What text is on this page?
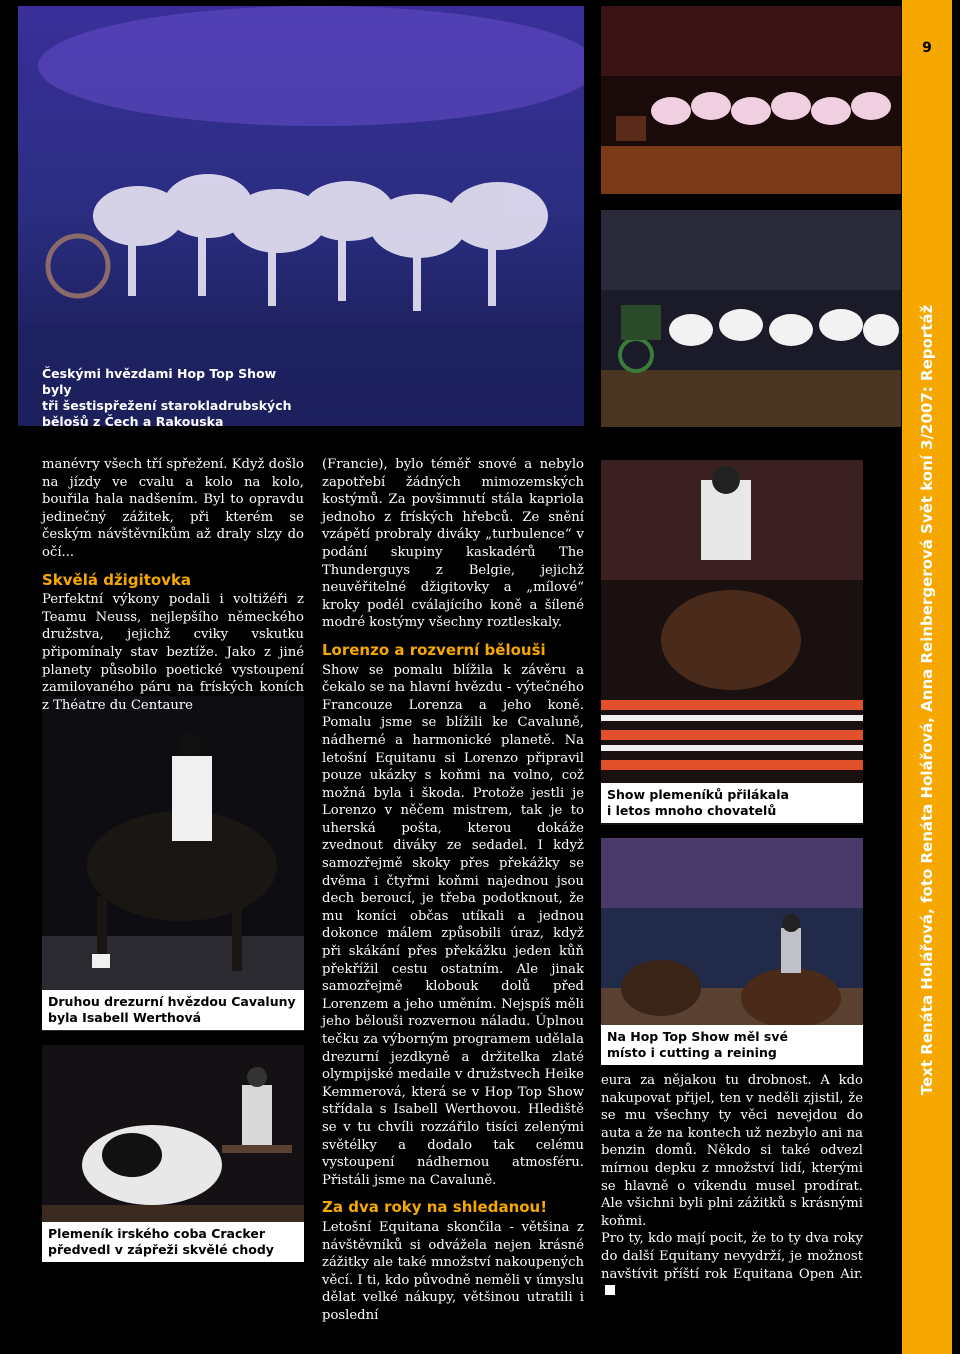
Českými hvězdami Hop Top Show byly
tři šestispřežení starokladrubských
bělošů z Čech a Rakouska
Show plemeníků přilákala
i letos mnoho chovatelů
Na Hop Top Show měl své
místo i cutting a reining
Druhou drezurní hvězdou Cavaluny
byla Isabell Werthová
Plemeník irského coba Cracker
předvedl v zápřeži skvělé chody

manévry všech tří spřežení. Když došlo na jízdy ve cvalu a kolo na kolo, bouřila hala nadšením. Byl to opravdu jedinečný zážitek, při kterém se českým návštěvníkům až draly slzy do očí...

Skvělá džigitovka

Perfektní výkony podali i voltižéři z Teamu Neuss, nejlepšího německého družstva, jejichž cviky vskutku připomínaly stav beztíže. Jako z jiné planety působilo poetické vystoupení zamilovaného páru na fríských koních z Théatre du Centaure

(Francie), bylo téměř snové a nebylo zapotřebí žádných mimozemských kostýmů. Za povšimnutí stála kapriola jednoho z fríských hřebců. Ze snění vzápětí probraly diváky „turbulence“ v podání skupiny kaskadérů The Thunderguys z Belgie, jejichž neuvěřitelné džigitovky a „mílové“ kroky podél cválajícího koně a šílené modré kostýmy všechny roztleskaly.

Lorenzo a rozverní bělouši

Show se pomalu blížila k závěru a čekalo se na hlavní hvězdu - výtečného Francouze Lorenza a jeho koně. Pomalu jsme se blížili ke Cavaluně, nádherné a harmonické planetě. Na letošní Equitanu si Lorenzo připravil pouze ukázky s koňmi na volno, což možná byla i škoda. Protože jestli je Lorenzo v něčem mistrem, tak je to uherská pošta, kterou dokáže zvednout diváky ze sedadel. I když samozřejmě skoky přes překážky se dvěma i čtyřmi koňmi najednou jsou dech beroucí, je třeba podotknout, že mu koníci občas utíkali a jednou dokonce málem způsobili úraz, když při skákání přes překážku jeden kůň překřížil cestu ostatním. Ale jinak samozřejmě klobouk dolů před Lorenzem a jeho uměním. Nejspíš měli jeho bělouši rozvernou náladu. Úplnou tečku za výborným programem udělala drezurní jezdkyně a držitelka zlaté olympijské medaile v družstvech Heike Kemmerová, která se v Hop Top Show střídala s Isabell Werthovou. Hlediště se v tu chvíli rozzářilo tisíci zelenými světélky a dodalo tak celému vystoupení nádhernou atmosféru. Přistáli jsme na Cavaluně.

Za dva roky na shledanou!

Letošní Equitana skončila - většina z návštěvníků si odvážela nejen krásné zážitky ale také množství nakoupených věcí. I ti, kdo původně neměli v úmyslu dělat velké nákupy, většinou utratili i poslední

eura za nějakou tu drobnost. A kdo nakupovat přijel, ten v neděli zjistil, že se mu všechny ty věci nevejdou do auta a že na kontech už nezbylo ani na benzin domů. Někdo si také odvezl mírnou depku z množství lidí, kterými se hlavně o víkendu musel prodírat. Ale všichni byli plni zážitků s krásnými koňmi.

Pro ty, kdo mají pocit, že to ty dva roky do další Equitany nevydrží, je možnost navštívit příští rok Equitana Open Air.

9
Text Renáta Holářová, foto Renáta Holářová, Anna Reinbergerová Svět koní 3/2007: Reportáž
